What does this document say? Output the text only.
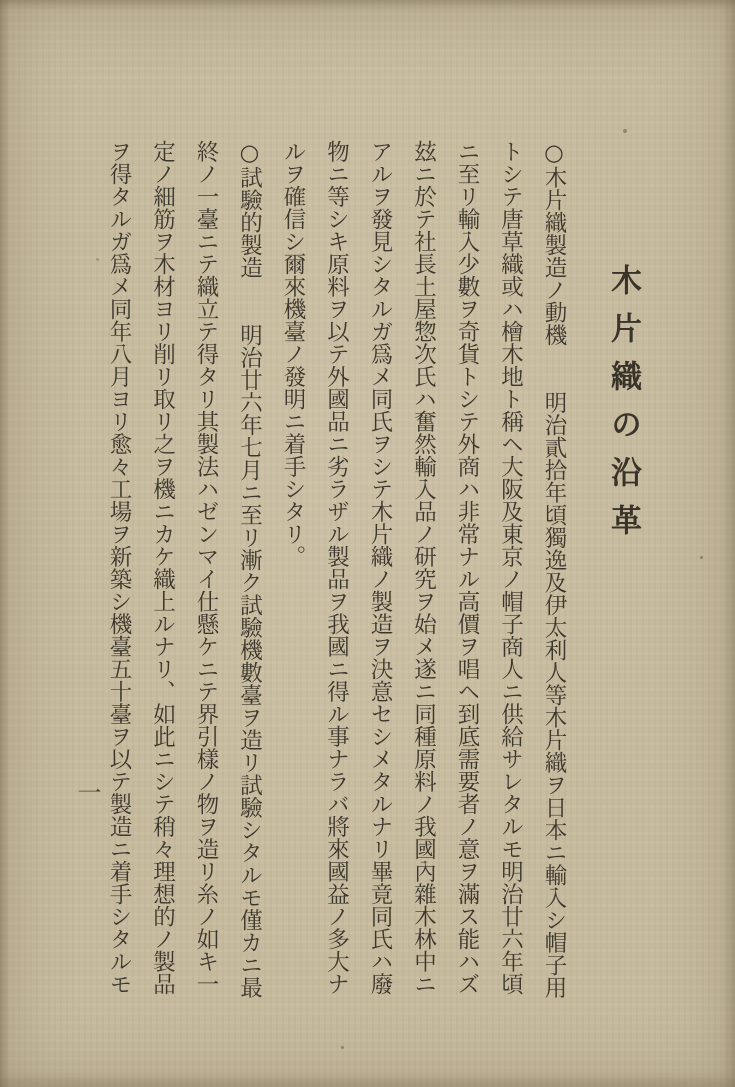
木片織の沿革
○木片織製造ノ動機　　明治貳拾年頃獨逸及伊太利人等木片織ヲ日本ニ輸入シ帽子用
トシテ唐草織或ハ檜木地ト稱ヘ大阪及東京ノ帽子商人ニ供給サレタルモ明治廿六年頃
ニ至リ輸入少數ヲ奇貨トシテ外商ハ非常ナル高價ヲ唱ヘ到底需要者ノ意ヲ滿ス能ハズ
玆ニ於テ社長土屋惣次氏ハ奮然輸入品ノ研究ヲ始メ遂ニ同種原料ノ我國內雜木林中ニ
アルヲ發見シタルガ爲メ同氏ヲシテ木片織ノ製造ヲ決意セシメタルナリ畢竟同氏ハ廢
物ニ等シキ原料ヲ以テ外國品ニ劣ラザル製品ヲ我國ニ得ル事ナラバ將來國益ノ多大ナ
ルヲ確信シ爾來機臺ノ發明ニ着手シタリ。
○試驗的製造　　明治廿六年七月ニ至リ漸ク試驗機數臺ヲ造リ試驗シタルモ僅カニ最
終ノ一臺ニテ織立テ得タリ其製法ハゼンマイ仕懸ケニテ界引樣ノ物ヲ造リ糸ノ如キ一
定ノ細筋ヲ木材ヨリ削リ取リ之ヲ機ニカケ織上ルナリ、如此ニシテ稍々理想的ノ製品
ヲ得タルガ爲メ同年八月ヨリ愈々工場ヲ新築シ機臺五十臺ヲ以テ製造ニ着手シタルモ
一
